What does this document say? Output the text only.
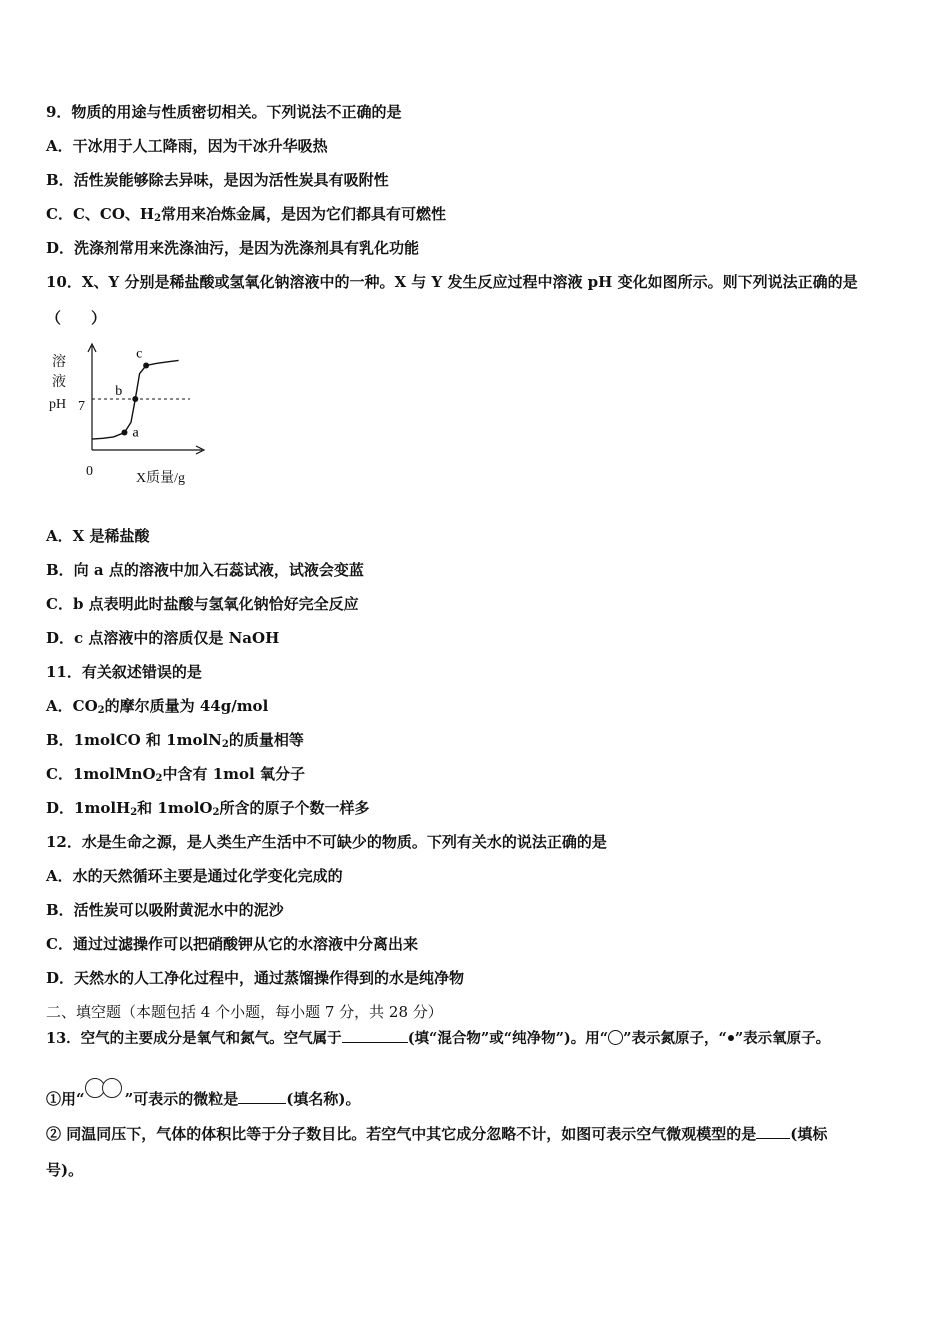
9．物质的用途与性质密切相关。下列说法不正确的是
A．干冰用于人工降雨，因为干冰升华吸热
B．活性炭能够除去异味，是因为活性炭具有吸附性
C．C、CO、$H_2$常用来冶炼金属，是因为它们都具有可燃性
D．洗涤剂常用来洗涤油污，是因为洗涤剂具有乳化功能
10．X、Y 分别是稀盐酸或氢氧化钠溶液中的一种。X 与 Y 发生反应过程中溶液 pH 变化如图所示。则下列说法正确的是
（　　）
溶
液
pH 7
0	X质量/g
a
b
c
A．X 是稀盐酸
B．向 a 点的溶液中加入石蕊试液，试液会变蓝
C．b 点表明此时盐酸与氢氧化钠恰好完全反应
D．c 点溶液中的溶质仅是 NaOH
11．有关叙述错误的是
A．$CO_2$的摩尔质量为 44g/mol
B．1molCO 和 1molN$_2$的质量相等
C．1molMnO$_2$中含有 1mol 氧分子
D．1molH$_2$和 1molO$_2$所含的原子个数一样多
12．水是生命之源，是人类生产生活中不可缺少的物质。下列有关水的说法正确的是
A．水的天然循环主要是通过化学变化完成的
B．活性炭可以吸附黄泥水中的泥沙
C．通过过滤操作可以把硝酸钾从它的水溶液中分离出来
D．天然水的人工净化过程中，通过蒸馏操作得到的水是纯净物
二、填空题（本题包括 4 个小题，每小题 7 分，共 28 分）
13．空气的主要成分是氧气和氮气。空气属于	(填“混合物”或“纯净物”)。用“ ”表示氮原子，“ ”表示氧原子。
①用“	”可表示的微粒是	(填名称)。
② 同温同压下，气体的体积比等于分子数目比。若空气中其它成分忽略不计，如图可表示空气微观模型的是 (填标
号)。
